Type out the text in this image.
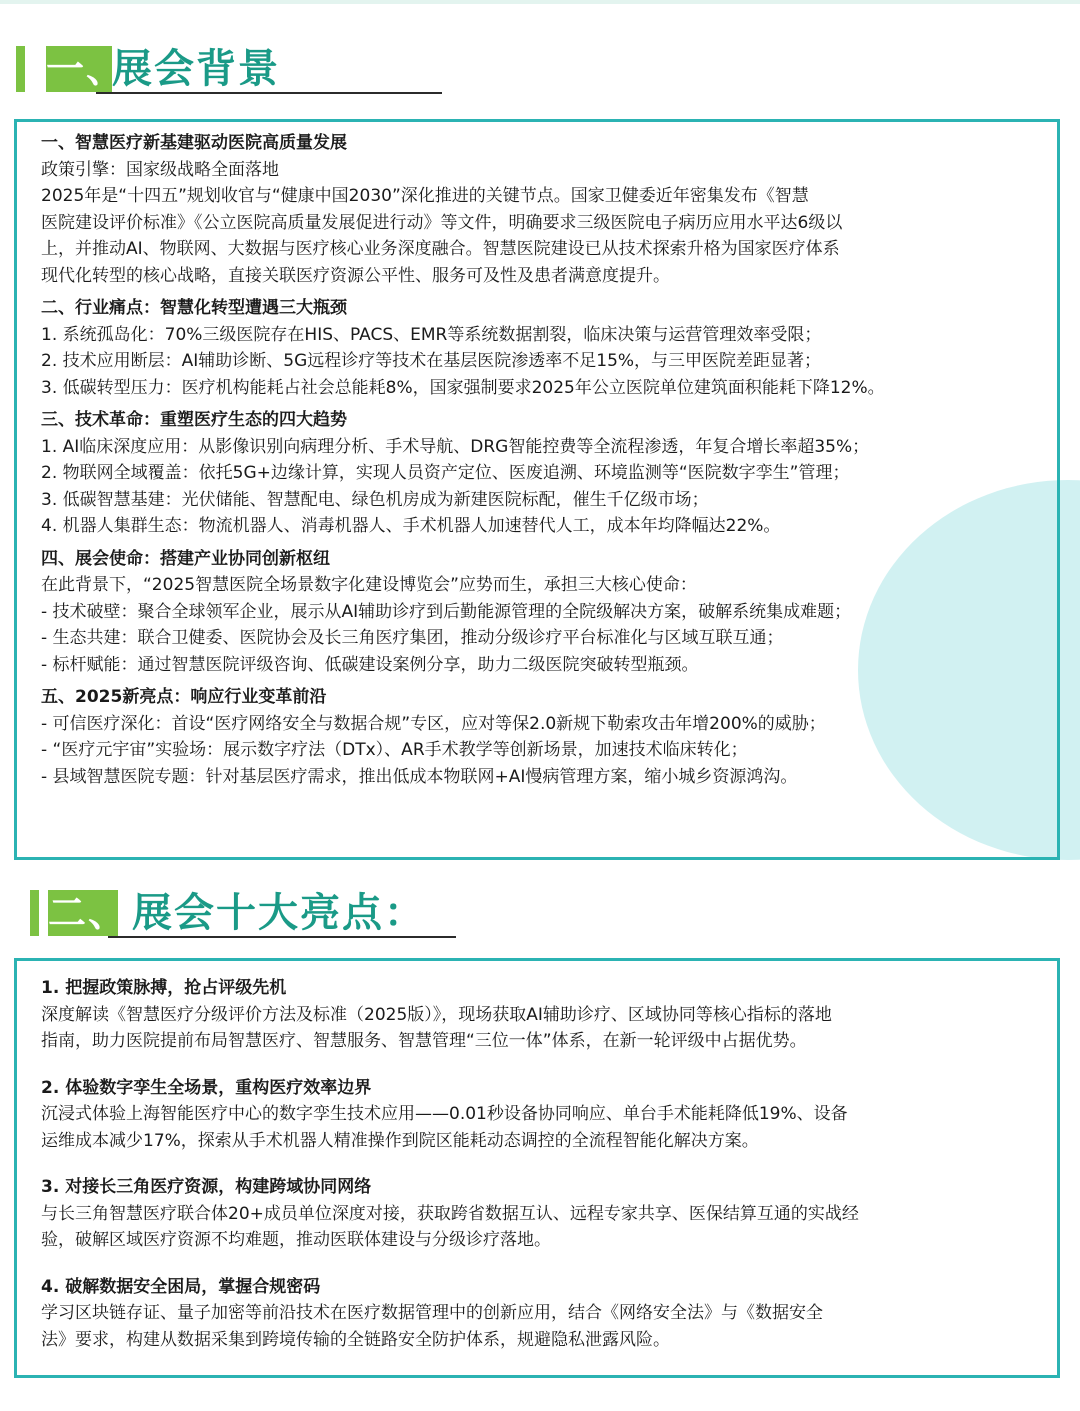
一、
展会背景
一、智慧医疗新基建驱动医院高质量发展
政策引擎：国家级战略全面落地
2025年是“十四五”规划收官与“健康中国2030”深化推进的关键节点。国家卫健委近年密集发布《智慧
医院建设评价标准》《公立医院高质量发展促进行动》等文件，明确要求三级医院电子病历应用水平达6级以
上，并推动AI、物联网、大数据与医疗核心业务深度融合。智慧医院建设已从技术探索升格为国家医疗体系
现代化转型的核心战略，直接关联医疗资源公平性、服务可及性及患者满意度提升。
二、行业痛点：智慧化转型遭遇三大瓶颈
1. 系统孤岛化：70%三级医院存在HIS、PACS、EMR等系统数据割裂，临床决策与运营管理效率受限；
2. 技术应用断层：AI辅助诊断、5G远程诊疗等技术在基层医院渗透率不足15%，与三甲医院差距显著；
3. 低碳转型压力：医疗机构能耗占社会总能耗8%，国家强制要求2025年公立医院单位建筑面积能耗下降12%。
三、技术革命：重塑医疗生态的四大趋势
1. AI临床深度应用：从影像识别向病理分析、手术导航、DRG智能控费等全流程渗透，年复合增长率超35%；
2. 物联网全域覆盖：依托5G+边缘计算，实现人员资产定位、医废追溯、环境监测等“医院数字孪生”管理；
3. 低碳智慧基建：光伏储能、智慧配电、绿色机房成为新建医院标配，催生千亿级市场；
4. 机器人集群生态：物流机器人、消毒机器人、手术机器人加速替代人工，成本年均降幅达22%。
四、展会使命：搭建产业协同创新枢纽
在此背景下，“2025智慧医院全场景数字化建设博览会”应势而生，承担三大核心使命：
- 技术破壁：聚合全球领军企业，展示从AI辅助诊疗到后勤能源管理的全院级解决方案，破解系统集成难题；
- 生态共建：联合卫健委、医院协会及长三角医疗集团，推动分级诊疗平台标准化与区域互联互通；
- 标杆赋能：通过智慧医院评级咨询、低碳建设案例分享，助力二级医院突破转型瓶颈。
五、2025新亮点：响应行业变革前沿
- 可信医疗深化：首设“医疗网络安全与数据合规”专区，应对等保2.0新规下勒索攻击年增200%的威胁；
- “医疗元宇宙”实验场：展示数字疗法（DTx）、AR手术教学等创新场景，加速技术临床转化；
- 县域智慧医院专题：针对基层医疗需求，推出低成本物联网+AI慢病管理方案，缩小城乡资源鸿沟。
二、 展会十大亮点：
1. 把握政策脉搏，抢占评级先机
深度解读《智慧医疗分级评价方法及标准（2025版）》，现场获取AI辅助诊疗、区域协同等核心指标的落地
指南，助力医院提前布局智慧医疗、智慧服务、智慧管理“三位一体”体系，在新一轮评级中占据优势。
2. 体验数字孪生全场景，重构医疗效率边界
沉浸式体验上海智能医疗中心的数字孪生技术应用——0.01秒设备协同响应、单台手术能耗降低19%、设备
运维成本减少17%，探索从手术机器人精准操作到院区能耗动态调控的全流程智能化解决方案。
3. 对接长三角医疗资源，构建跨域协同网络
与长三角智慧医疗联合体20+成员单位深度对接，获取跨省数据互认、远程专家共享、医保结算互通的实战经
验，破解区域医疗资源不均难题，推动医联体建设与分级诊疗落地。
4. 破解数据安全困局，掌握合规密码
学习区块链存证、量子加密等前沿技术在医疗数据管理中的创新应用，结合《网络安全法》与《数据安全
法》要求，构建从数据采集到跨境传输的全链路安全防护体系，规避隐私泄露风险。
